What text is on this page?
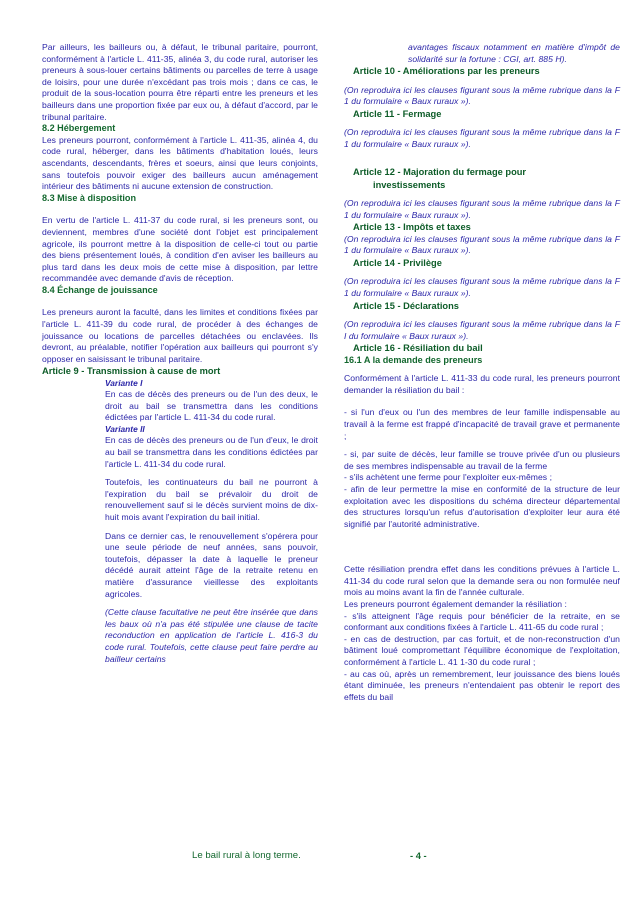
Par ailleurs, les bailleurs ou, à défaut, le tribunal paritaire, pourront, conformément à l'article L. 411-35, alinéa 3, du code rural, autoriser les preneurs à sous-louer certains bâtiments ou parcelles de terre à usage de loisirs, pour une durée n'excédant pas trois mois ; dans ce cas, le produit de la sous-location pourra être réparti entre les preneurs et les bailleurs dans une proportion fixée par eux ou, à défaut d'accord, par le tribunal paritaire.

8.2 Hébergement

Les preneurs pourront, conformément à l'article L. 411-35, alinéa 4, du code rural, héberger, dans les bâtiments d'habitation loués, leurs ascendants, descendants, frères et soeurs, ainsi que leurs conjoints, sans toutefois pouvoir exiger des bailleurs aucun aménagement intérieur des bâtiments ni aucune extension de construction.

8.3 Mise à disposition

En vertu de l'article L. 411-37 du code rural, si les preneurs sont, ou deviennent, membres d'une société dont l'objet est principalement agricole, ils pourront mettre à la disposition de celle-ci tout ou partie des biens présentement loués, à condition d'en aviser les bailleurs au plus tard dans les deux mois de cette mise à disposition, par lettre recommandée avec demande d'avis de réception.

8.4 Échange de jouissance

Les preneurs auront la faculté, dans les limites et conditions fixées par l'article L. 411-39 du code rural, de procéder à des échanges de jouissance ou locations de parcelles détachées ou enclavées. Ils devront, au préalable, notifier l'opération aux bailleurs qui pourront s'y opposer en saisissant le tribunal paritaire.

Article 9 - Transmission à cause de mort

Variante I

En cas de décès des preneurs ou de l'un des deux, le droit au bail se transmettra dans les conditions édictées par l'article L. 411-34 du code rural.

Variante II

En cas de décès des preneurs ou de l'un d'eux, le droit au bail se transmettra dans les conditions édictées par l'article L. 411-34 du code rural.

Toutefois, les continuateurs du bail ne pourront à l'expiration du bail se prévaloir du droit de renouvellement sauf si le décès survient moins de dix-huit mois avant l'expiration du bail initial.

Dans ce dernier cas, le renouvellement s'opérera pour une seule période de neuf années, sans pouvoir, toutefois, dépasser la date à laquelle le preneur décédé aurait atteint l'âge de la retraite retenu en matière d'assurance vieillesse des exploitants agricoles.

(Cette clause facultative ne peut être insérée que dans les baux où n'a pas été stipulée une clause de tacite reconduction en application de l'article L. 416-3 du code rural. Toutefois, cette clause peut faire perdre au bailleur certains

avantages fiscaux notamment en matière d'impôt de solidarité sur la fortune : CGI, art. 885 H).

Article 10 - Améliorations par les preneurs

(On reproduira ici les clauses figurant sous la même rubrique dans la F 1 du formulaire « Baux ruraux »).

Article 11 - Fermage

(On reproduira ici les clauses figurant sous la même rubrique dans la F 1 du formulaire « Baux ruraux »).

Article 12 - Majoration du fermage pour

investissements

(On reproduira ici les clauses figurant sous la même rubrique dans la F 1 du formulaire « Baux ruraux »).

Article 13 - Impôts et taxes

(On reproduira ici les clauses figurant sous la même rubrique dans la F 1 du formulaire « Baux ruraux »).

Article 14 - Privilège

(On reproduira ici les clauses figurant sous la même rubrique dans la F 1 du formulaire « Baux ruraux »).

Article 15 - Déclarations

(On reproduira ici les clauses figurant sous la même rubrique dans la F I du formulaire « Baux ruraux »).

Article 16 - Résiliation du bail

16.1 A la demande des preneurs

Conformément à l'article L. 411-33 du code rural, les preneurs pourront demander la résiliation du bail :

- si l'un d'eux ou l'un des membres de leur famille indispensable au travail à la ferme est frappé d'incapacité de travail grave et permanente ;

- si, par suite de décès, leur famille se trouve privée d'un ou plusieurs de ses membres indispensable au travail de la ferme

- s'ils achètent une ferme pour l'exploiter eux-mêmes ;

- afin de leur permettre la mise en conformité de la structure de leur exploitation avec les dispositions du schéma directeur départemental des structures lorsqu'un refus d'autorisation d'exploiter leur aura été signifié par l'autorité administrative.

Cette résiliation prendra effet dans les conditions prévues à l'article L. 411-34 du code rural selon que la demande sera ou non formulée neuf mois au moins avant la fin de l'année culturale.

Les preneurs pourront également demander la résiliation :

- s'ils atteignent l'âge requis pour bénéficier de la retraite, en se conformant aux conditions fixées à l'article L. 411-65 du code rural ;

- en cas de destruction, par cas fortuit, et de non-reconstruction d'un bâtiment loué compromettant l'équilibre économique de l'exploitation, conformément à l'article L. 41 1-30 du code rural ;

- au cas où, après un remembrement, leur jouissance des biens loués étant diminuée, les preneurs n'entendaient pas obtenir le report des effets du bail

Le bail rural à long terme.	- 4 -
